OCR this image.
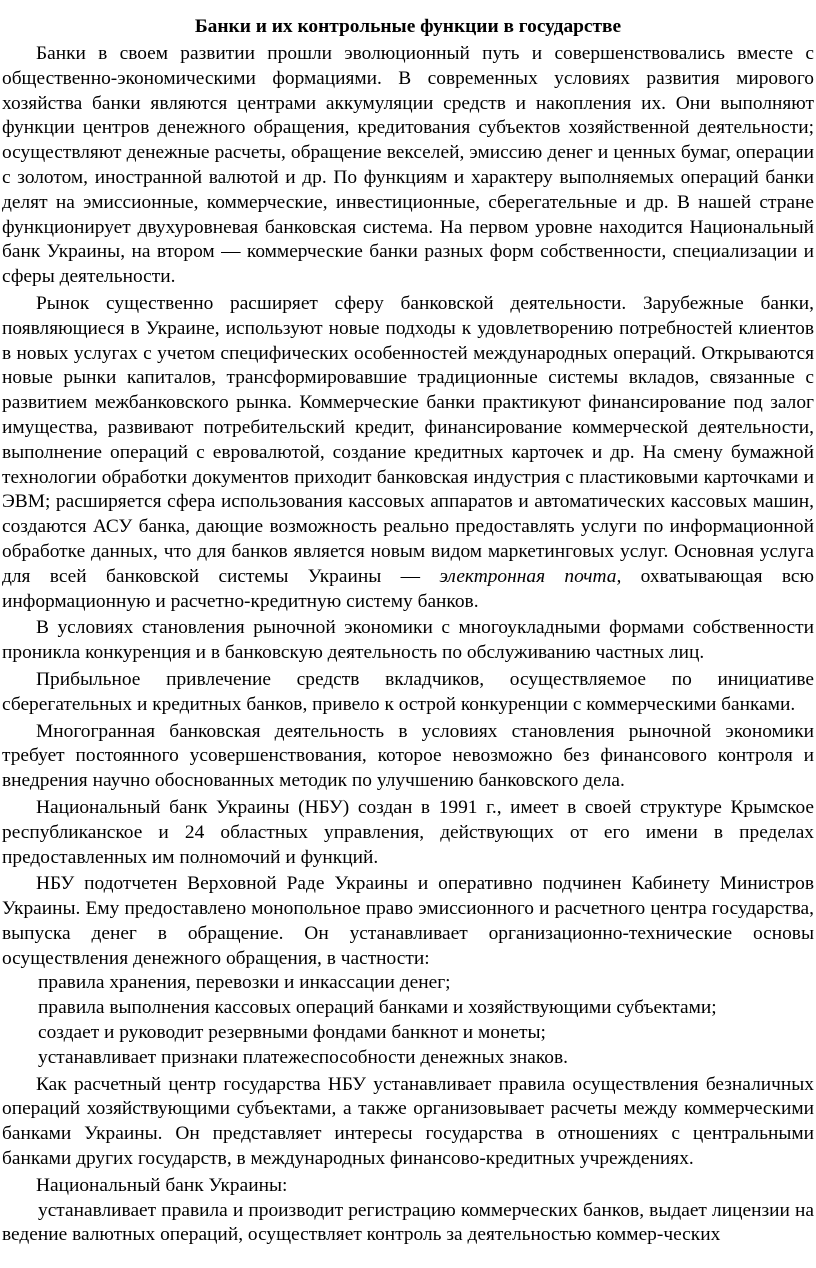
Банки и их контрольные функции в государстве

Банки в своем развитии прошли эволюционный путь и совершенствовались вместе с общественно-экономическими формациями. В современных условиях развития мирового хозяйства банки являются центрами аккумуляции средств и накопления их. Они выполняют функции центров денежного обращения, кредитования субъектов хозяйственной деятельности; осуществляют денежные расчеты, обращение векселей, эмиссию денег и ценных бумаг, операции с золотом, иностранной валютой и др. По функциям и характеру выполняемых операций банки делят на эмиссионные, коммерческие, инвестиционные, сберегательные и др. В нашей стране функционирует двухуровневая банковская система. На первом уровне находится Национальный банк Украины, на втором — коммерческие банки разных форм собственности, специализации и сферы деятельности.

Рынок существенно расширяет сферу банковской деятельности. Зарубежные банки, появляющиеся в Украине, используют новые подходы к удовлетворению потребностей клиентов в новых услугах с учетом специфических особенностей международных операций. Открываются новые рынки капиталов, трансформировавшие традиционные системы вкладов, связанные с развитием межбанковского рынка. Коммерческие банки практикуют финансирование под залог имущества, развивают потребительский кредит, финансирование коммерческой деятельности, выполнение операций с евровалютой, создание кредитных карточек и др. На смену бумажной технологии обработки документов приходит банковская индустрия с пластиковыми карточками и ЭВМ; расширяется сфера использования кассовых аппаратов и автоматических кассовых машин, создаются АСУ банка, дающие возможность реально предоставлять услуги по информационной обработке данных, что для банков является новым видом маркетинговых услуг. Основная услуга для всей банковской системы Украины — электронная почта, охватывающая всю информационную и расчетно-кредитную систему банков.

В условиях становления рыночной экономики с многоукладными формами собственности проникла конкуренция и в банковскую деятельность по обслуживанию частных лиц.

Прибыльное привлечение средств вкладчиков, осуществляемое по инициативе сберегательных и кредитных банков, привело к острой конкуренции с коммерческими банками.

Многогранная банковская деятельность в условиях становления рыночной экономики требует постоянного усовершенствования, которое невозможно без финансового контроля и внедрения научно обоснованных методик по улучшению банковского дела.

Национальный банк Украины (НБУ) создан в 1991 г., имеет в своей структуре Крымское республиканское и 24 областных управления, действующих от его имени в пределах предоставленных им полномочий и функций.

НБУ подотчетен Верховной Раде Украины и оперативно подчинен Кабинету Министров Украины. Ему предоставлено монопольное право эмиссионного и расчетного центра государства, выпуска денег в обращение. Он устанавливает организационно-технические основы осуществления денежного обращения, в частности:

правила хранения, перевозки и инкассации денег;

правила выполнения кассовых операций банками и хозяйствующими субъектами;

создает и руководит резервными фондами банкнот и монеты;

устанавливает признаки платежеспособности денежных знаков.

Как расчетный центр государства НБУ устанавливает правила осуществления безналичных операций хозяйствующими субъектами, а также организовывает расчеты между коммерческими банками Украины. Он представляет интересы государства в отношениях с центральными банками других государств, в международных финансово-кредитных учреждениях.

Национальный банк Украины:

устанавливает правила и производит регистрацию коммерческих банков, выдает лицензии на ведение валютных операций, осуществляет контроль за деятельностью коммер-ческих
